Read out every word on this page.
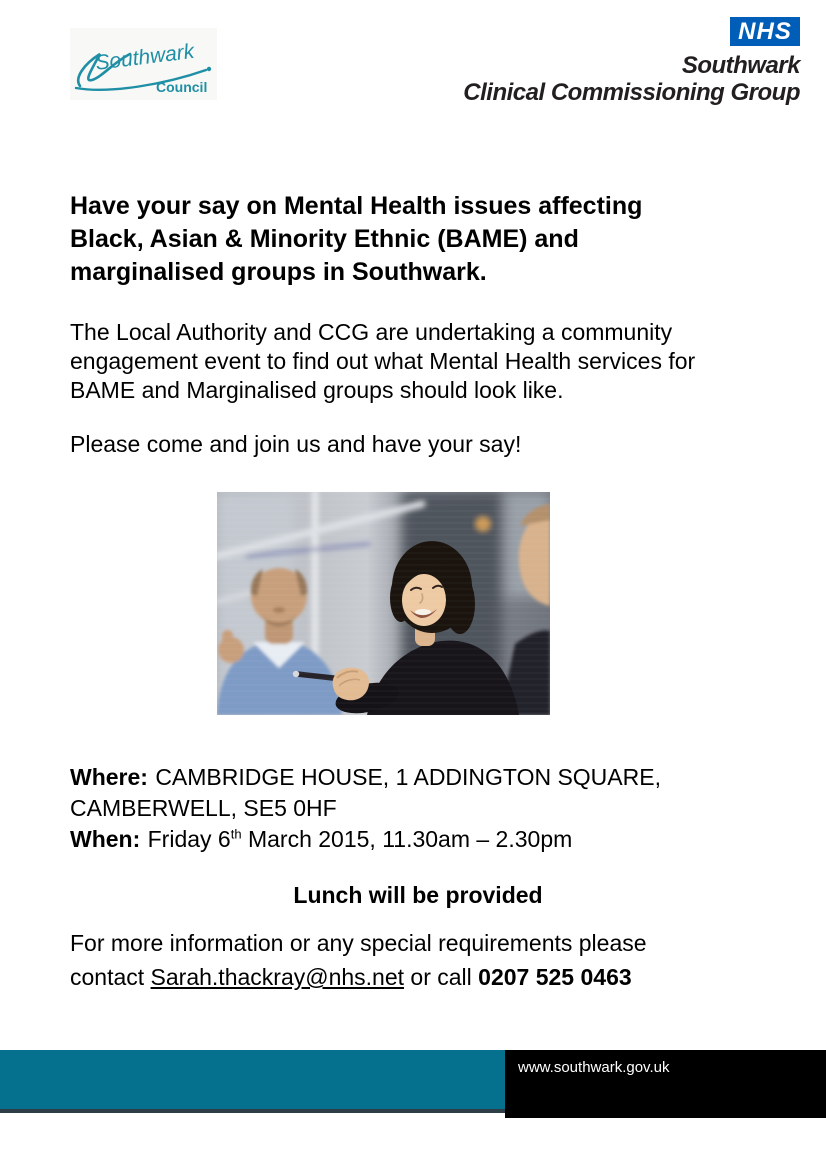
Southwark
Council
NHS
Southwark
Clinical Commissioning Group
Have your say on Mental Health issues affecting
Black, Asian & Minority Ethnic (BAME) and
marginalised groups in Southwark.
The Local Authority and CCG are undertaking a community
engagement event to find out what Mental Health services for
BAME and Marginalised groups should look like.
Please come and join us and have your say!
Where: CAMBRIDGE HOUSE, 1 ADDINGTON SQUARE,
CAMBERWELL, SE5 0HF
When: Friday 6th March 2015, 11.30am – 2.30pm
Lunch will be provided
For more information or any special requirements please
contact Sarah.thackray@nhs.net or call 0207 525 0463
www.southwark.gov.uk
